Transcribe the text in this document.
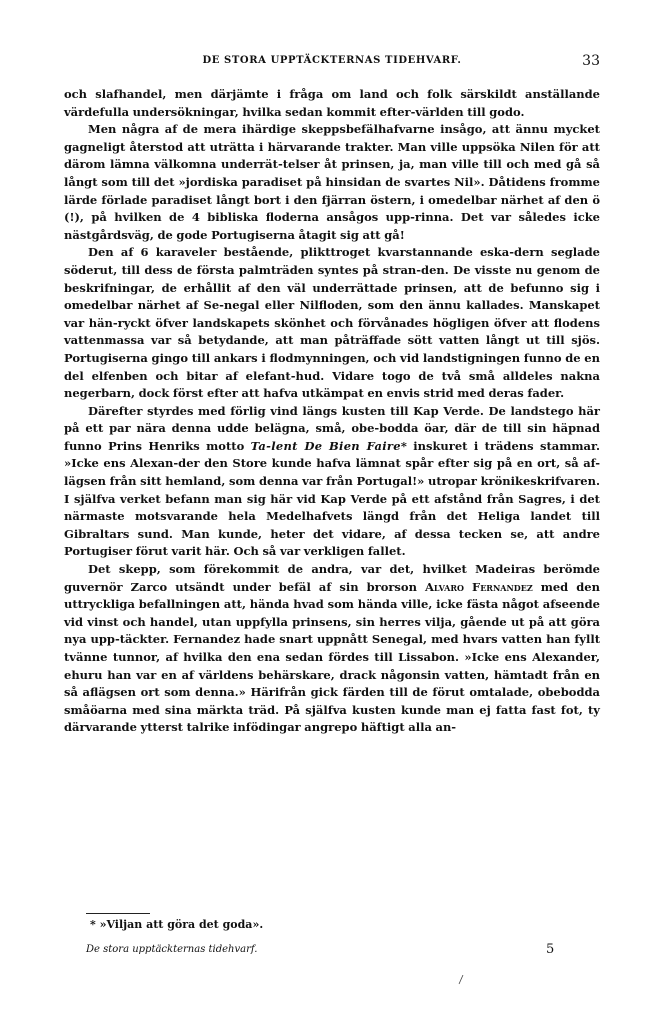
DE STORA UPPTÄCKTERNAS TIDEHVARF.	33

och slafhandel, men därjämte i fråga om land och folk särskildt anställande värdefulla undersökningar, hvilka sedan kommit efter-världen till godo.

Men några af de mera ihärdige skeppsbefälhafvarne insågo, att ännu mycket gagneligt återstod att uträtta i härvarande trakter. Man ville uppsöka Nilen för att därom lämna välkomna underrät-telser åt prinsen, ja, man ville till och med gå så långt som till det »jordiska paradiset på hinsidan de svartes Nil». Dåtidens fromme lärde förlade paradiset långt bort i den fjärran östern, i omedelbar närhet af den ö (!), på hvilken de 4 bibliska floderna ansågos upp-rinna. Det var således icke nästgårdsväg, de gode Portugiserna åtagit sig att gå!

Den af 6 karaveler bestående, plikttroget kvarstannande eska-dern seglade söderut, till dess de första palmträden syntes på stran-den. De visste nu genom de beskrifningar, de erhållit af den väl underrättade prinsen, att de befunno sig i omedelbar närhet af Se-negal eller Nilfloden, som den ännu kallades. Manskapet var hän-ryckt öfver landskapets skönhet och förvånades högligen öfver att flodens vattenmassa var så betydande, att man påträffade sött vatten långt ut till sjös. Portugiserna gingo till ankars i flodmynningen, och vid landstigningen funno de en del elfenben och bitar af elefant-hud. Vidare togo de två små alldeles nakna negerbarn, dock först efter att hafva utkämpat en envis strid med deras fader.

Därefter styrdes med förlig vind längs kusten till Kap Verde. De landstego här på ett par nära denna udde belägna, små, obe-bodda öar, där de till sin häpnad funno Prins Henriks motto Ta-lent De Bien Faire* inskuret i trädens stammar. »Icke ens Alexan-der den Store kunde hafva lämnat spår efter sig på en ort, så af-lägsen från sitt hemland, som denna var från Portugal!» utropar krönikeskrifvaren. I själfva verket befann man sig här vid Kap Verde på ett afstånd från Sagres, i det närmaste motsvarande hela Medelhafvets längd från det Heliga landet till Gibraltars sund. Man kunde, heter det vidare, af dessa tecken se, att andre Portugiser förut varit här. Och så var verkligen fallet.

Det skepp, som förekommit de andra, var det, hvilket Madeiras berömde guvernör Zarco utsändt under befäl af sin brorson Alvaro Fernandez med den uttryckliga befallningen att, hända hvad som hända ville, icke fästa något afseende vid vinst och handel, utan uppfylla prinsens, sin herres vilja, gående ut på att göra nya upp-täckter. Fernandez hade snart uppnått Senegal, med hvars vatten han fyllt tvänne tunnor, af hvilka den ena sedan fördes till Lissabon. »Icke ens Alexander, ehuru han var en af världens behärskare, drack någonsin vatten, hämtadt från en så aflägsen ort som denna.» Härifrån gick färden till de förut omtalade, obebodda småöarna med sina märkta träd. På själfva kusten kunde man ej fatta fast fot, ty därvarande ytterst talrike infödingar angrepo häftigt alla an-

* »Viljan att göra det goda».
De stora upptäckternas tidehvarf.	5
